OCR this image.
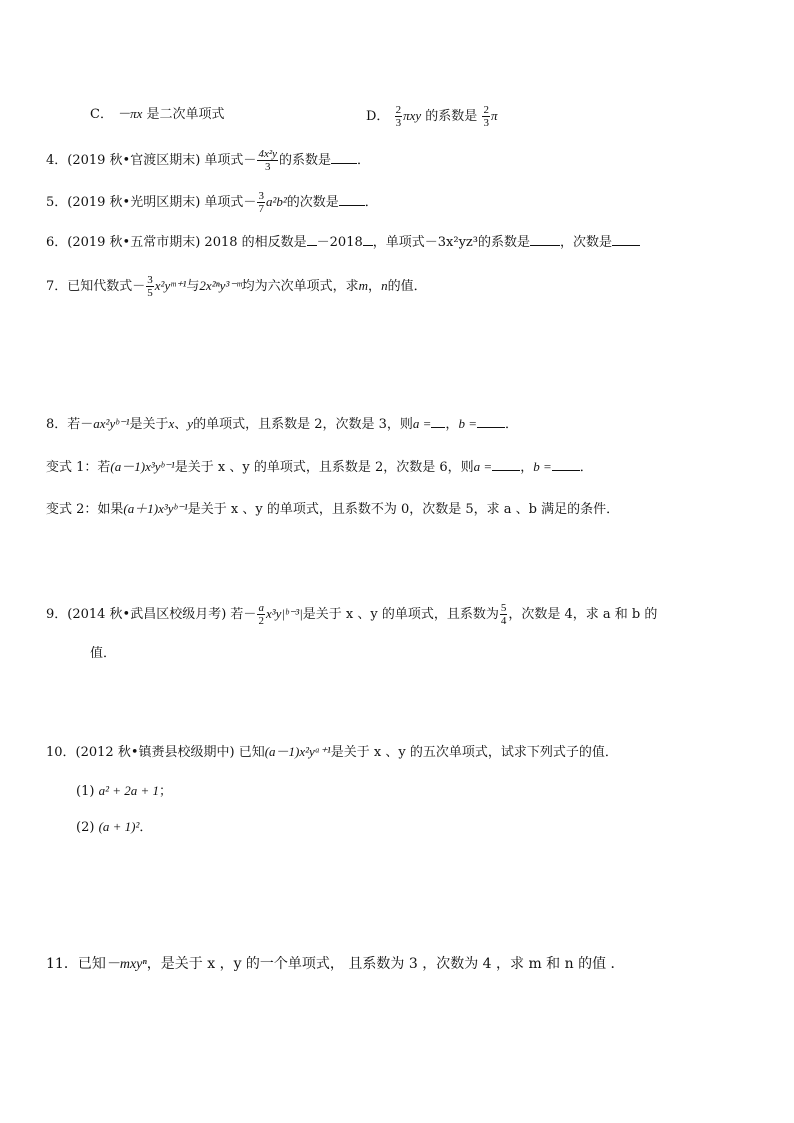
C． －πx 是二次单项式	D． $\frac{2}{3}$ πxy 的系数是 $\frac{2}{3}$ π
4．(2019 秋•官渡区期末) 单项式－ $\frac{\text{4x²y}}{3}$ 的系数是 ．
5．(2019 秋•光明区期末) 单项式－ $\frac{3}{7} a^2b^2$的次数是 ．
6．(2019 秋•五常市期末) 2018 的相反数是 －2018 ，单项式－3x²yz³的系数是 ，次数是
7．已知代数式－ $\frac{3}{5}$ x²yᵐ⁺¹与2x²ⁿy³⁻ᵐ均为六次单项式，求m，n的值．
8．若－ax²yᵇ⁻¹是关于x、y的单项式，且系数是 2，次数是 3，则a = ，b = ．
变式 1：若(a－1)x³yᵇ⁻¹是关于 x 、y 的单项式，且系数是 2，次数是 6，则a = ，b = ．
变式 2：如果(a＋1)x³yᵇ⁻¹是关于 x 、y 的单项式，且系数不为 0，次数是 5，求 a 、b 满足的条件．
9．(2014 秋•武昌区校级月考) 若－ $\frac{a}{2}$ x³y|ᵇ⁻³|是关于 x 、y 的单项式，且系数为 $\frac{5}{4}$ ，次数是 4，求 a 和 b 的
值．
10．(2012 秋•镇赉县校级期中) 已知(a－1)x²yᵃ⁺¹是关于 x 、y 的五次单项式，试求下列式子的值．
(1) a² + 2a + 1；
(2) (a + 1)²．
11．已知－mxyⁿ，是关于 x ，y 的一个单项式， 且系数为 3 ，次数为 4 ，求 m 和 n 的值 ．
